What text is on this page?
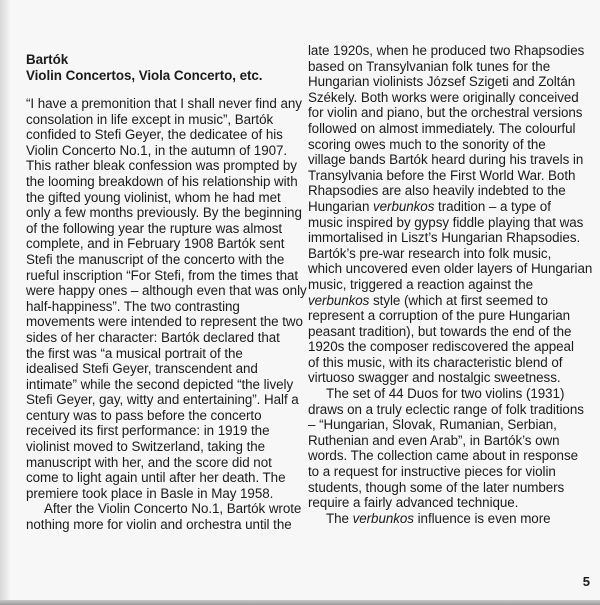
Bartók
Violin Concertos, Viola Concerto, etc.

“I have a premonition that I shall never find any
consolation in life except in music”, Bartók
confided to Stefi Geyer, the dedicatee of his
Violin Concerto No.1, in the autumn of 1907.
This rather bleak confession was prompted by
the looming breakdown of his relationship with
the gifted young violinist, whom he had met
only a few months previously. By the beginning
of the following year the rupture was almost
complete, and in February 1908 Bartók sent
Stefi the manuscript of the concerto with the
rueful inscription “For Stefi, from the times that
were happy ones – although even that was only
half-happiness”. The two contrasting
movements were intended to represent the two
sides of her character: Bartók declared that
the first was “a musical portrait of the
idealised Stefi Geyer, transcendent and
intimate” while the second depicted “the lively
Stefi Geyer, gay, witty and entertaining”. Half a
century was to pass before the concerto
received its first performance: in 1919 the
violinist moved to Switzerland, taking the
manuscript with her, and the score did not
come to light again until after her death. The
premiere took place in Basle in May 1958.

After the Violin Concerto No.1, Bartók wrote
nothing more for violin and orchestra until the

late 1920s, when he produced two Rhapsodies
based on Transylvanian folk tunes for the
Hungarian violinists József Szigeti and Zoltán
Székely. Both works were originally conceived
for violin and piano, but the orchestral versions
followed on almost immediately. The colourful
scoring owes much to the sonority of the
village bands Bartók heard during his travels in
Transylvania before the First World War. Both
Rhapsodies are also heavily indebted to the
Hungarian verbunkos tradition – a type of
music inspired by gypsy fiddle playing that was
immortalised in Liszt’s Hungarian Rhapsodies.
Bartók’s pre-war research into folk music,
which uncovered even older layers of Hungarian
music, triggered a reaction against the
verbunkos style (which at first seemed to
represent a corruption of the pure Hungarian
peasant tradition), but towards the end of the
1920s the composer rediscovered the appeal
of this music, with its characteristic blend of
virtuoso swagger and nostalgic sweetness.

The set of 44 Duos for two violins (1931)
draws on a truly eclectic range of folk traditions
– “Hungarian, Slovak, Rumanian, Serbian,
Ruthenian and even Arab”, in Bartók’s own
words. The collection came about in response
to a request for instructive pieces for violin
students, though some of the later numbers
require a fairly advanced technique.

The verbunkos influence is even more

5
